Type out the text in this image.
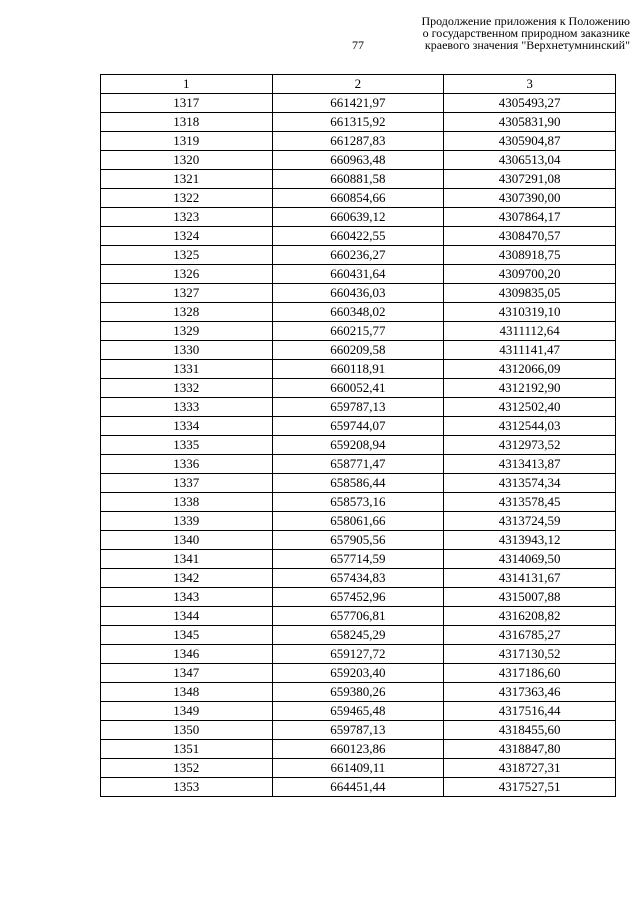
Продолжение приложения к Положению
о государственном природном заказнике
краевого значения "Верхнетумнинский"
77
1	2	3
1317	661421,97	4305493,27
1318	661315,92	4305831,90
1319	661287,83	4305904,87
1320	660963,48	4306513,04
1321	660881,58	4307291,08
1322	660854,66	4307390,00
1323	660639,12	4307864,17
1324	660422,55	4308470,57
1325	660236,27	4308918,75
1326	660431,64	4309700,20
1327	660436,03	4309835,05
1328	660348,02	4310319,10
1329	660215,77	4311112,64
1330	660209,58	4311141,47
1331	660118,91	4312066,09
1332	660052,41	4312192,90
1333	659787,13	4312502,40
1334	659744,07	4312544,03
1335	659208,94	4312973,52
1336	658771,47	4313413,87
1337	658586,44	4313574,34
1338	658573,16	4313578,45
1339	658061,66	4313724,59
1340	657905,56	4313943,12
1341	657714,59	4314069,50
1342	657434,83	4314131,67
1343	657452,96	4315007,88
1344	657706,81	4316208,82
1345	658245,29	4316785,27
1346	659127,72	4317130,52
1347	659203,40	4317186,60
1348	659380,26	4317363,46
1349	659465,48	4317516,44
1350	659787,13	4318455,60
1351	660123,86	4318847,80
1352	661409,11	4318727,31
1353	664451,44	4317527,51
